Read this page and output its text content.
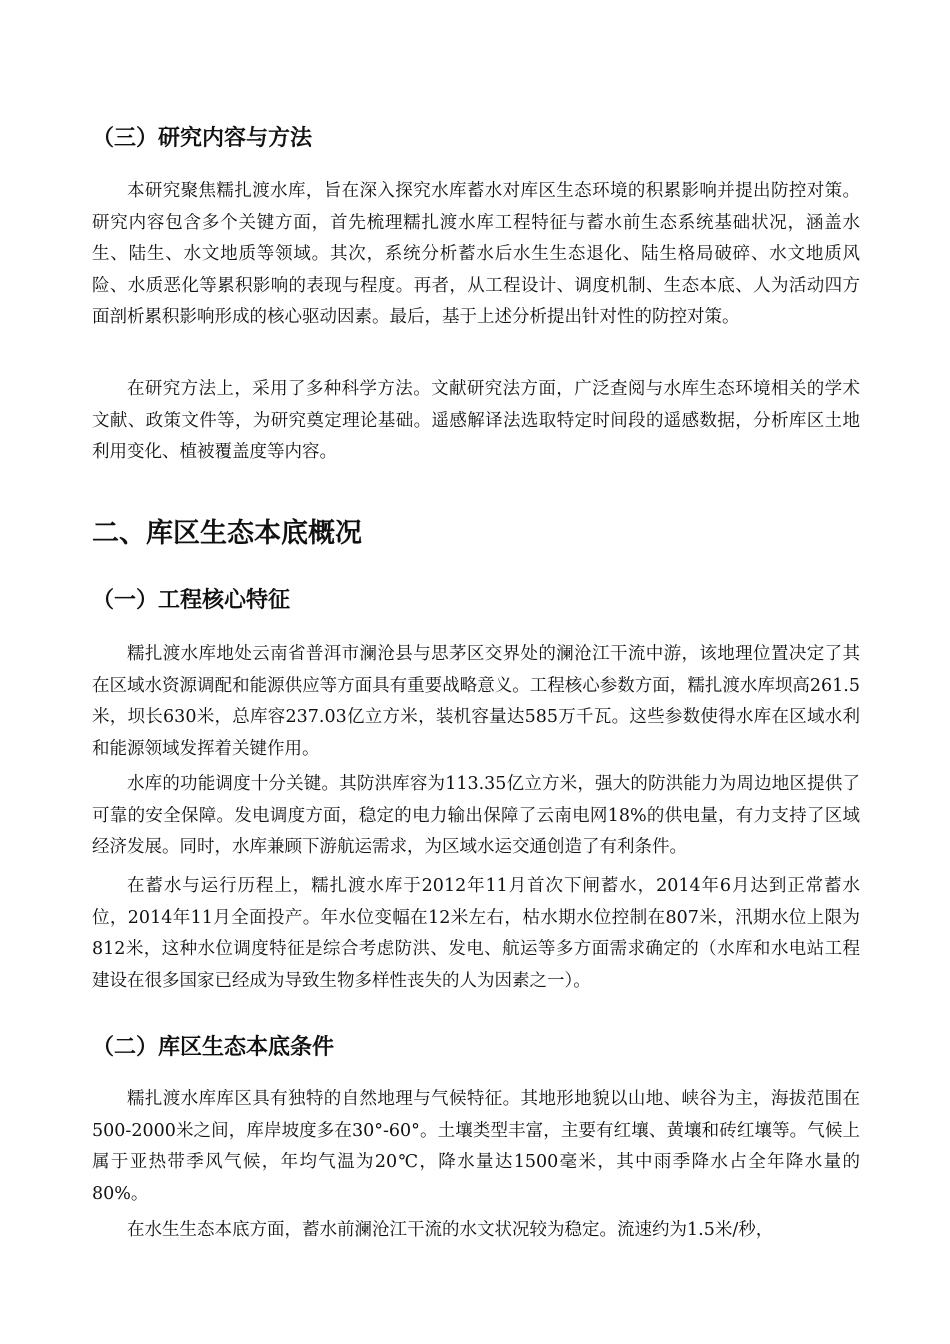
（三）研究内容与方法

本研究聚焦糯扎渡水库，旨在深入探究水库蓄水对库区生态环境的积累影响并提出防控对策。研究内容包含多个关键方面，首先梳理糯扎渡水库工程特征与蓄水前生态系统基础状况，涵盖水生、陆生、水文地质等领域。其次，系统分析蓄水后水生生态退化、陆生格局破碎、水文地质风险、水质恶化等累积影响的表现与程度。再者，从工程设计、调度机制、生态本底、人为活动四方面剖析累积影响形成的核心驱动因素。最后，基于上述分析提出针对性的防控对策。

在研究方法上，采用了多种科学方法。文献研究法方面，广泛查阅与水库生态环境相关的学术文献、政策文件等，为研究奠定理论基础。遥感解译法选取特定时间段的遥感数据，分析库区土地利用变化、植被覆盖度等内容。

二、库区生态本底概况
（一）工程核心特征

糯扎渡水库地处云南省普洱市澜沧县与思茅区交界处的澜沧江干流中游，该地理位置决定了其在区域水资源调配和能源供应等方面具有重要战略意义。工程核心参数方面，糯扎渡水库坝高261.5米，坝长630米，总库容237.03亿立方米，装机容量达585万千瓦。这些参数使得水库在区域水利和能源领域发挥着关键作用。

水库的功能调度十分关键。其防洪库容为113.35亿立方米，强大的防洪能力为周边地区提供了可靠的安全保障。发电调度方面，稳定的电力输出保障了云南电网18%的供电量，有力支持了区域经济发展。同时，水库兼顾下游航运需求，为区域水运交通创造了有利条件。

在蓄水与运行历程上，糯扎渡水库于2012年11月首次下闸蓄水，2014年6月达到正常蓄水位，2014年11月全面投产。年水位变幅在12米左右，枯水期水位控制在807米，汛期水位上限为812米，这种水位调度特征是综合考虑防洪、发电、航运等多方面需求确定的（水库和水电站工程建设在很多国家已经成为导致生物多样性丧失的人为因素之一）。

（二）库区生态本底条件

糯扎渡水库库区具有独特的自然地理与气候特征。其地形地貌以山地、峡谷为主，海拔范围在500-2000米之间，库岸坡度多在30°-60°。土壤类型丰富，主要有红壤、黄壤和砖红壤等。气候上属于亚热带季风气候，年均气温为20℃，降水量达1500毫米，其中雨季降水占全年降水量的80%。

在水生生态本底方面，蓄水前澜沧江干流的水文状况较为稳定。流速约为1.5米/秒，
